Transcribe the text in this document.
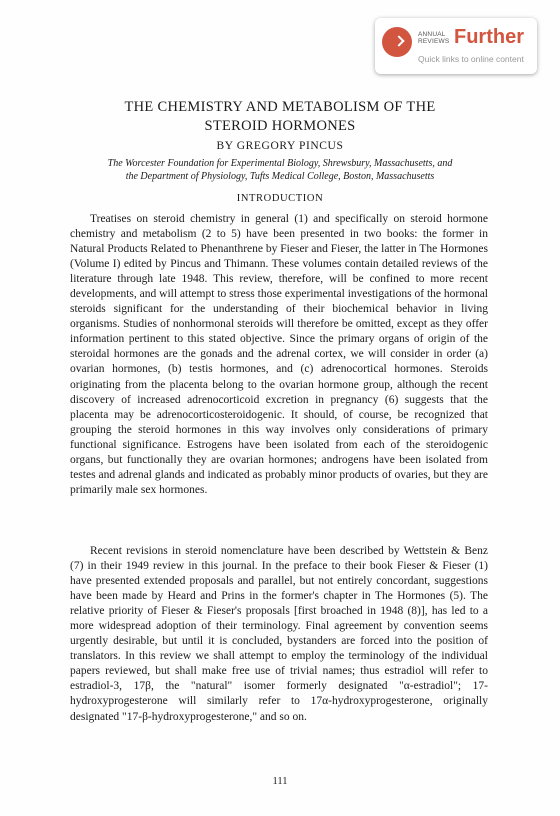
ANNUAL
REVIEWS Further
Quick links to online content
THE CHEMISTRY AND METABOLISM OF THE
STEROID HORMONES
BY GREGORY PINCUS
The Worcester Foundation for Experimental Biology, Shrewsbury, Massachusetts, and
the Department of Physiology, Tufts Medical College, Boston, Massachusetts
INTRODUCTION

Treatises on steroid chemistry in general (1) and specifically on steroid hormone chemistry and metabolism (2 to 5) have been presented in two books: the former in Natural Products Related to Phenanthrene by Fieser and Fieser, the latter in The Hormones (Volume I) edited by Pincus and Thimann. These volumes contain detailed reviews of the literature through late 1948. This review, therefore, will be confined to more recent developments, and will attempt to stress those experimental investigations of the hormonal steroids significant for the understanding of their biochemical behavior in living organisms. Studies of nonhormonal steroids will therefore be omitted, except as they offer information pertinent to this stated objective. Since the primary organs of origin of the steroidal hormones are the gonads and the adrenal cortex, we will consider in order (a) ovarian hormones, (b) testis hormones, and (c) adrenocortical hormones. Steroids originating from the placenta belong to the ovarian hormone group, although the recent discovery of increased adrenocorticoid excretion in pregnancy (6) suggests that the placenta may be adrenocorticosteroidogenic. It should, of course, be recognized that grouping the steroid hormones in this way involves only considerations of primary functional significance. Estrogens have been isolated from each of the steroidogenic organs, but functionally they are ovarian hormones; androgens have been isolated from testes and adrenal glands and indicated as probably minor products of ovaries, but they are primarily male sex hormones.

Recent revisions in steroid nomenclature have been described by Wettstein & Benz (7) in their 1949 review in this journal. In the preface to their book Fieser & Fieser (1) have presented extended proposals and parallel, but not entirely concordant, suggestions have been made by Heard and Prins in the former's chapter in The Hormones (5). The relative priority of Fieser & Fieser's proposals [first broached in 1948 (8)], has led to a more widespread adoption of their terminology. Final agreement by convention seems urgently desirable, but until it is concluded, bystanders are forced into the position of translators. In this review we shall attempt to employ the terminology of the individual papers reviewed, but shall make free use of trivial names; thus estradiol will refer to estradiol-3, 17β, the "natural" isomer formerly designated "α-estradiol"; 17-hydroxyprogesterone will similarly refer to 17α-hydroxyprogesterone, originally designated "17-β-hydroxyprogesterone," and so on.

111
